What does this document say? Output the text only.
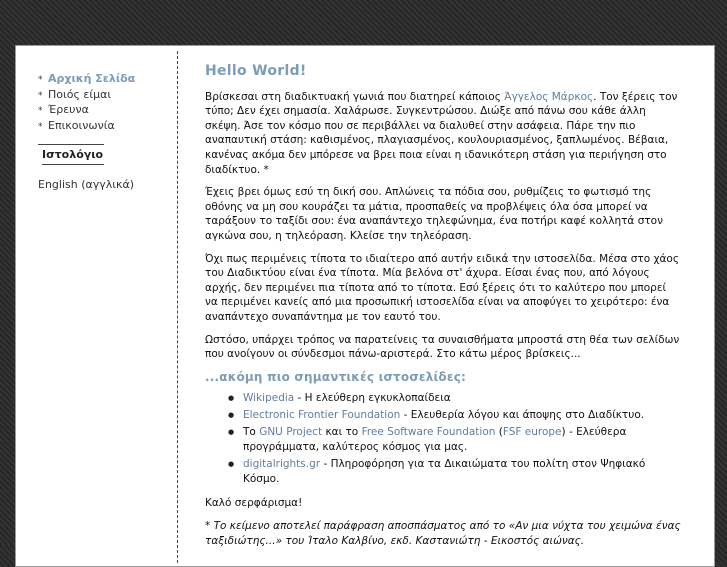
* Αρχική Σελίδα
* Ποιός είμαι
* Έρευνα
* Επικοινωνία
Ιστολόγιο
English (αγγλικά)
Hello World!

Βρίσκεσαι στη διαδικτυακή γωνιά που διατηρεί κάποιος Άγγελος Μάρκος. Τον ξέρεις τον τύπο; Δεν έχει σημασία. Χαλάρωσε. Συγκεντρώσου. Διώξε από πάνω σου κάθε άλλη σκέψη. Άσε τον κόσμο που σε περιβάλλει να διαλυθεί στην ασάφεια. Πάρε την πιο αναπαυτική στάση: καθισμένος, πλαγιασμένος, κουλουριασμένος, ξαπλωμένος. Βέβαια, κανένας ακόμα δεν μπόρεσε να βρει ποια είναι η ιδανικότερη στάση για περιήγηση στο διαδίκτυο. *

Έχεις βρει όμως εσύ τη δική σου. Απλώνεις τα πόδια σου, ρυθμίζεις το φωτισμό της οθόνης να μη σου κουράζει τα μάτια, προσπαθείς να προβλέψεις όλα όσα μπορεί να ταράξουν το ταξίδι σου: ένα αναπάντεχο τηλεφώνημα, ένα ποτήρι καφέ κολλητά στον αγκώνα σου, η τηλεόραση. Κλείσε την τηλεόραση.

Όχι πως περιμένεις τίποτα το ιδιαίτερο από αυτήν ειδικά την ιστοσελίδα. Μέσα στο χάος του Διαδικτύου είναι ένα τίποτα. Μία βελόνα στ' άχυρα. Είσαι ένας που, από λόγους αρχής, δεν περιμένει πια τίποτα από το τίποτα. Εσύ ξέρεις ότι το καλύτερο που μπορεί να περιμένει κανείς από μια προσωπική ιστοσελίδα είναι να αποφύγει το χειρότερο: ένα αναπάντεχο συναπάντημα με τον εαυτό του.

Ωστόσο, υπάρχει τρόπος να παρατείνεις τα συναισθήματα μπροστά στη θέα των σελίδων που ανοίγουν οι σύνδεσμοι πάνω-αριστερά. Στο κάτω μέρος βρίσκεις...

...ακόμη πιο σημαντικές ιστοσελίδες:
● Wikipedia - Η ελεύθερη εγκυκλοπαίδεια
● Electronic Frontier Foundation - Ελευθερία λόγου και άποψης στο Διαδίκτυο.
● Το GNU Project και το Free Software Foundation (FSF europe) - Ελεύθερα προγράμματα, καλύτερος κόσμος για μας.
● digitalrights.gr - Πληροφόρηση για τα Δικαιώματα του πολίτη στον Ψηφιακό Κόσμο.

Καλό σερφάρισμα!

* Το κείμενο αποτελεί παράφραση αποσπάσματος από το «Αν μια νύχτα του χειμώνα ένας ταξιδιώτης...» του Ίταλο Καλβίνο, εκδ. Καστανιώτη - Εικοστός αιώνας.
